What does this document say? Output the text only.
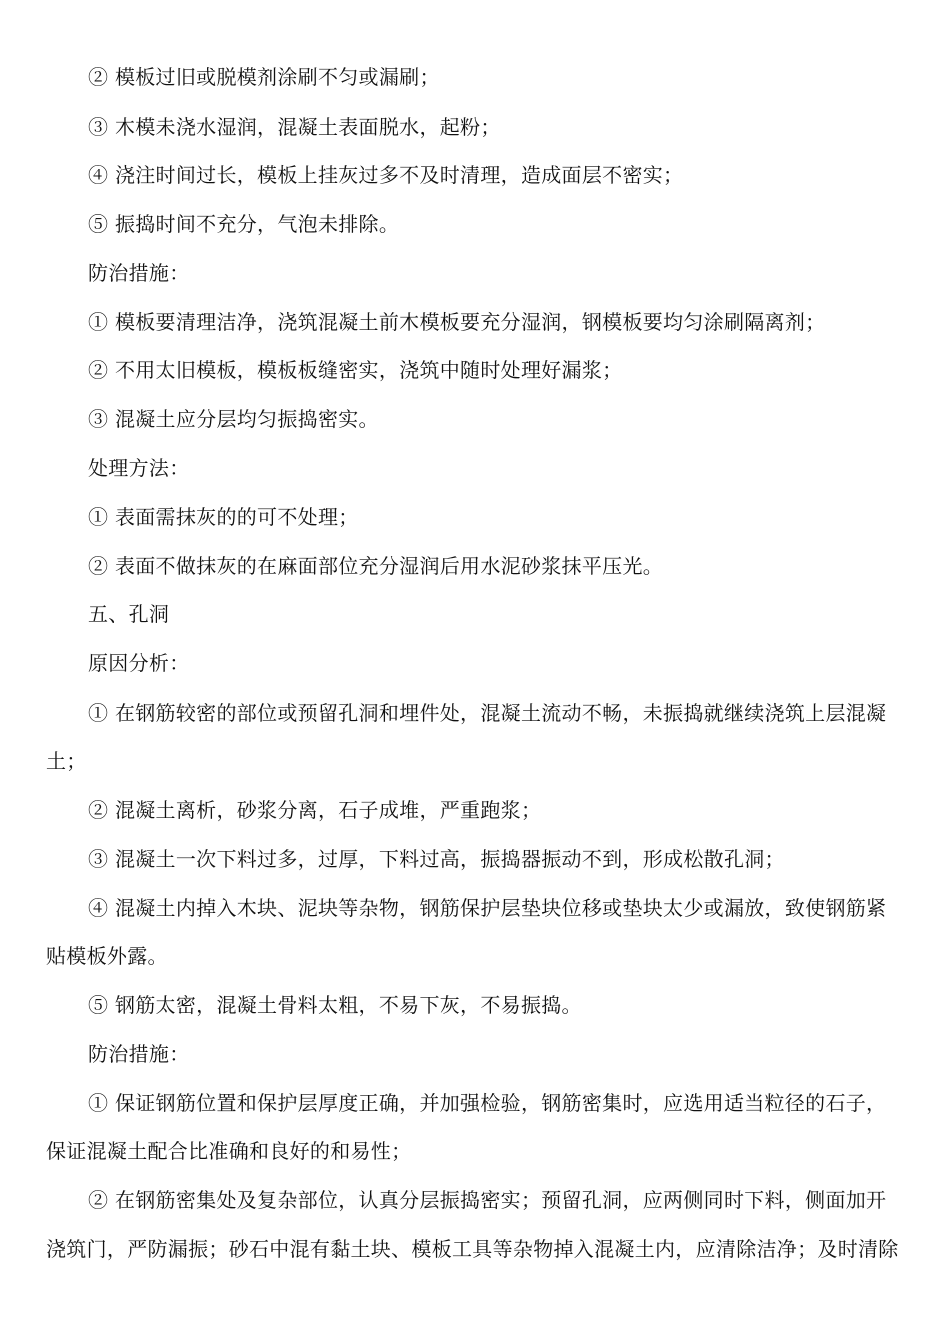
② 模板过旧或脱模剂涂刷不匀或漏刷；
③ 木模未浇水湿润，混凝土表面脱水，起粉；
④ 浇注时间过长，模板上挂灰过多不及时清理，造成面层不密实；
⑤ 振捣时间不充分，气泡未排除。
防治措施：
① 模板要清理洁净，浇筑混凝土前木模板要充分湿润，钢模板要均匀涂刷隔离剂；
② 不用太旧模板，模板板缝密实，浇筑中随时处理好漏浆；
③ 混凝土应分层均匀振捣密实。
处理方法：
① 表面需抹灰的的可不处理；
② 表面不做抹灰的在麻面部位充分湿润后用水泥砂浆抹平压光。
五、孔洞
原因分析：
① 在钢筋较密的部位或预留孔洞和埋件处，混凝土流动不畅，未振捣就继续浇筑上层混凝
土；
② 混凝土离析，砂浆分离，石子成堆，严重跑浆；
③ 混凝土一次下料过多，过厚，下料过高，振捣器振动不到，形成松散孔洞；
④ 混凝土内掉入木块、泥块等杂物，钢筋保护层垫块位移或垫块太少或漏放，致使钢筋紧
贴模板外露。
⑤ 钢筋太密，混凝土骨料太粗，不易下灰，不易振捣。
防治措施：
① 保证钢筋位置和保护层厚度正确，并加强检验，钢筋密集时，应选用适当粒径的石子，
保证混凝土配合比准确和良好的和易性；
② 在钢筋密集处及复杂部位，认真分层振捣密实；预留孔洞，应两侧同时下料，侧面加开
浇筑门，严防漏振；砂石中混有黏土块、模板工具等杂物掉入混凝土内，应清除洁净；及时清除
